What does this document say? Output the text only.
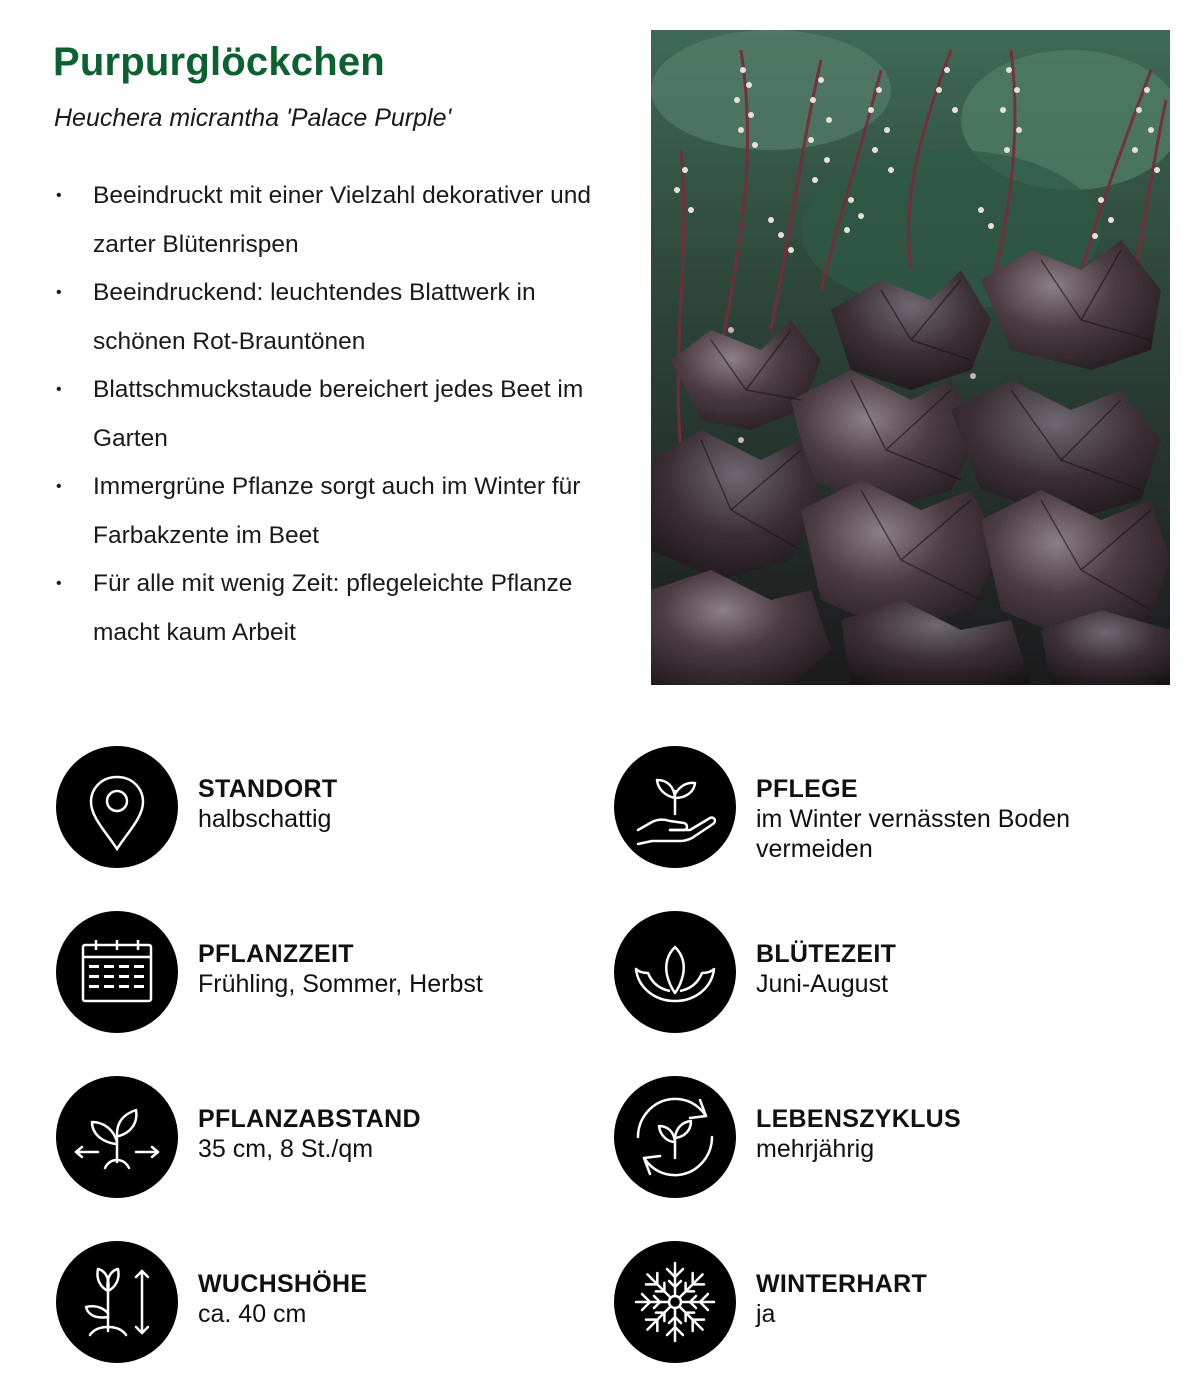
Purpurglöckchen
Heuchera micrantha 'Palace Purple'
• Beeindruckt mit einer Vielzahl dekorativer und zarter Blütenrispen
• Beeindruckend: leuchtendes Blattwerk in schönen Rot-Brauntönen
• Blattschmuckstaude bereichert jedes Beet im Garten
• Immergrüne Pflanze sorgt auch im Winter für Farbakzente im Beet
• Für alle mit wenig Zeit: pflegeleichte Pflanze macht kaum Arbeit
STANDORT
halbschattig
PFLEGE
im Winter vernässten Boden vermeiden
PFLANZZEIT
Frühling, Sommer, Herbst
BLÜTEZEIT
Juni-August
PFLANZABSTAND
35 cm, 8 St./qm
LEBENSZYKLUS
mehrjährig
WUCHSHÖHE
ca. 40 cm
WINTERHART
ja
